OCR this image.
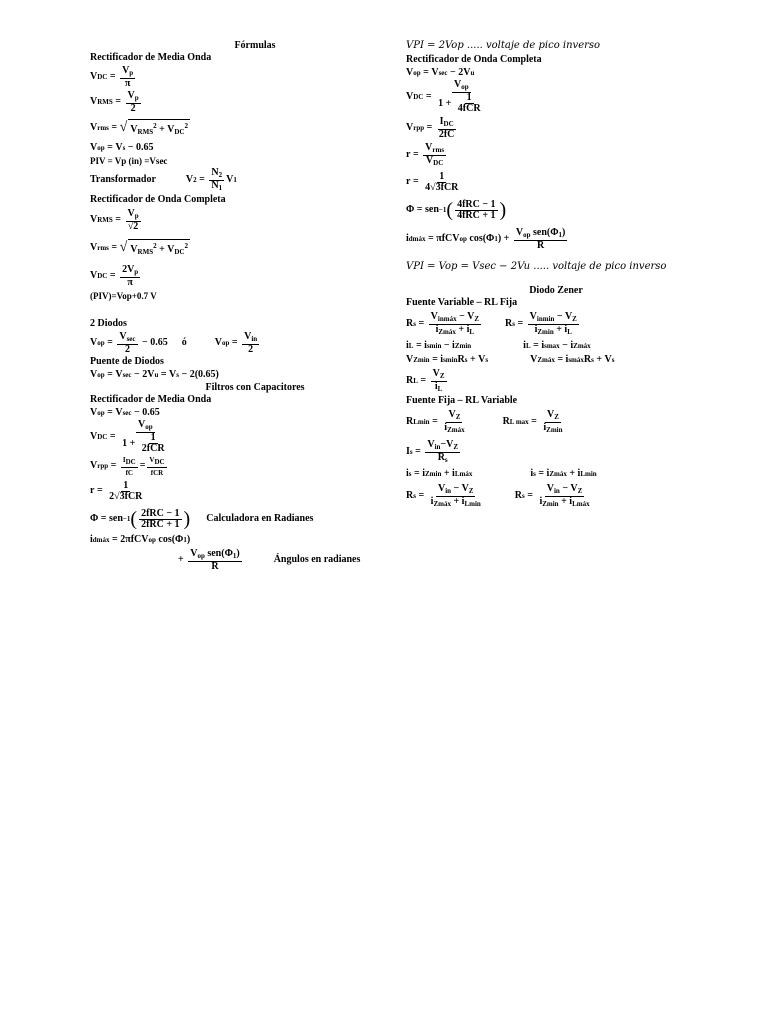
Fórmulas
Rectificador de Media Onda
V DC = $\frac{V_p}{\pi}$
V RMS = $\frac{V_p}{2}$
V rms = √ $V_{RMS}^2 + V_{DC}^2$
V op = V s − 0.65
PIV = Vp (in) =Vsec
Transformador	V $2 = \frac{N_2}{N_1}$ V 1
Rectificador de Onda Completa
V RMS = $\frac{V_p}{√2}$
V rms = √ $V_{RMS}^2 + V_{DC}^2$
V DC = $\frac{2V_p}{\pi}$
(PIV)=Vop+0.7 V
2 Diodos
V op = $\frac{V_{sec}}{2} - 0.65$ ó	V op = $\frac{V_{in}}{2}$
Puente de Diodos
V op = V sec − 2V u = V s − 2(0.65)
Filtros con Capacitores
Rectificador de Media Onda
V op = V sec − 0.65
V DC = $\frac{V_{op}}{1 + \frac{1}{\text{2fCR}}}$
V rpp = $\frac{I_{DC}}{fC} = \frac{V_{DC}}{\text{fCR}}$
$r = \frac{1}{\text{2√3fCR}}$
Φ = sen −1 ( $\frac{\text{2fRC − 1}}{\text{2fRC + 1}}$ ) Calculadora en Radianes
i dmáx = 2πfCV op cos(Φ 1 )
+ $\frac{V_{op} sen(\Phi_1)}{R}$	Ángulos en radianes
VPI = 2Vop ..... voltaje de pico inverso
Rectificador de Onda Completa
V op = V sec − 2V u
V DC = $\frac{V_{op}}{1 + \frac{1}{\text{4fCR}}}$
V rpp = $\frac{I_{DC}}{2fC}$
$r = \frac{V_{rms}}{V_{DC}}$
$r = \frac{1}{\text{4√3fCR}}$
Φ = sen −1 ( $\frac{\text{4fRC − 1}}{\text{4fRC + 1}}$ )
i dmáx = πfCV op cos(Φ 1 ) + $\frac{V_{op} sen(\Phi_1)}{R}$
VPI = Vop = Vsec − 2Vu ..... voltaje de pico inverso
Diodo Zener
Fuente Variable – RL Fija
R $s = \frac{V_{inmáx} - V_Z}{i_{Zmáx} + i_L}$ R $s = \frac{V_{inmin} - V_Z}{i_{Zmin} + i_L}$
i L = i smin − i Zmin	i L = i smax − i Zmáx
V Zmin = i smin R s + V s	V Zmáx = i smáx R s + V s
R $L = \frac{V_Z}{i_L}$
Fuente Fija – RL Variable
R $Lmin = \frac{V_Z}{i_{Zmáx}}$	R L $\max = \frac{V_Z}{i_{Zmin}}$
I $s = \frac{V_{in}-V_Z}{R_s}$
i s = i Zmin + i Lmáx	i s = i Zmáx + i Lmin
R $s = \frac{V_{in} - V_Z}{i_{Zmáx} + i_{Lmin}}$	R $s = \frac{V_{in} - V_Z}{i_{Zmin} + i_{Lmáx}}$
